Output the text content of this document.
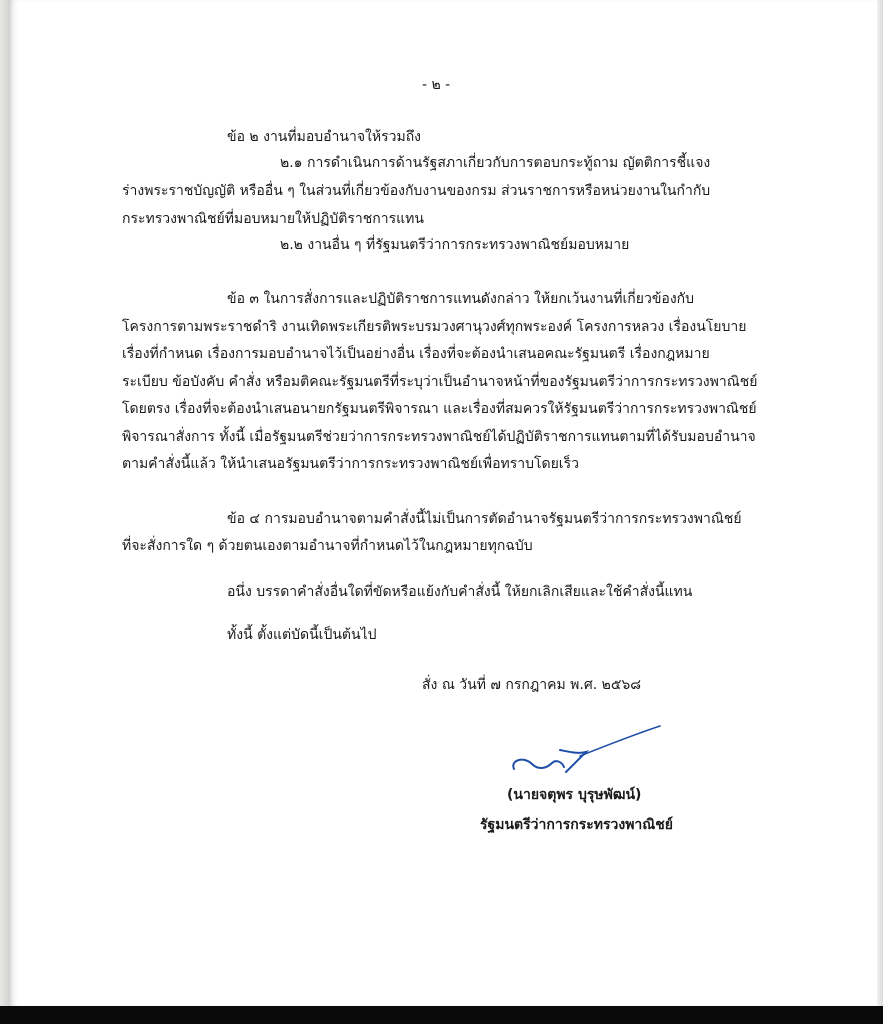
- ๒ -
ข้อ ๒ งานที่มอบอำนาจให้รวมถึง
๒.๑ การดำเนินการด้านรัฐสภาเกี่ยวกับการตอบกระทู้ถาม ญัตติการชี้แจง
ร่างพระราชบัญญัติ หรืออื่น ๆ ในส่วนที่เกี่ยวข้องกับงานของกรม ส่วนราชการหรือหน่วยงานในกำกับ
กระทรวงพาณิชย์ที่มอบหมายให้ปฏิบัติราชการแทน
๒.๒ งานอื่น ๆ ที่รัฐมนตรีว่าการกระทรวงพาณิชย์มอบหมาย
ข้อ ๓ ในการสั่งการและปฏิบัติราชการแทนดังกล่าว ให้ยกเว้นงานที่เกี่ยวข้องกับ
โครงการตามพระราชดำริ งานเทิดพระเกียรติพระบรมวงศานุวงศ์ทุกพระองค์ โครงการหลวง เรื่องนโยบาย
เรื่องที่กำหนด เรื่องการมอบอำนาจไว้เป็นอย่างอื่น เรื่องที่จะต้องนำเสนอคณะรัฐมนตรี เรื่องกฎหมาย
ระเบียบ ข้อบังคับ คำสั่ง หรือมติคณะรัฐมนตรีที่ระบุว่าเป็นอำนาจหน้าที่ของรัฐมนตรีว่าการกระทรวงพาณิชย์
โดยตรง เรื่องที่จะต้องนำเสนอนายกรัฐมนตรีพิจารณา และเรื่องที่สมควรให้รัฐมนตรีว่าการกระทรวงพาณิชย์
พิจารณาสั่งการ ทั้งนี้ เมื่อรัฐมนตรีช่วยว่าการกระทรวงพาณิชย์ได้ปฏิบัติราชการแทนตามที่ได้รับมอบอำนาจ
ตามคำสั่งนี้แล้ว ให้นำเสนอรัฐมนตรีว่าการกระทรวงพาณิชย์เพื่อทราบโดยเร็ว
ข้อ ๔ การมอบอำนาจตามคำสั่งนี้ไม่เป็นการตัดอำนาจรัฐมนตรีว่าการกระทรวงพาณิชย์
ที่จะสั่งการใด ๆ ด้วยตนเองตามอำนาจที่กำหนดไว้ในกฎหมายทุกฉบับ
อนึ่ง บรรดาคำสั่งอื่นใดที่ขัดหรือแย้งกับคำสั่งนี้ ให้ยกเลิกเสียและใช้คำสั่งนี้แทน
ทั้งนี้ ตั้งแต่บัดนี้เป็นต้นไป
สั่ง ณ วันที่ ๗ กรกฎาคม พ.ศ. ๒๕๖๘
(นายจตุพร บุรุษพัฒน์)
รัฐมนตรีว่าการกระทรวงพาณิชย์
